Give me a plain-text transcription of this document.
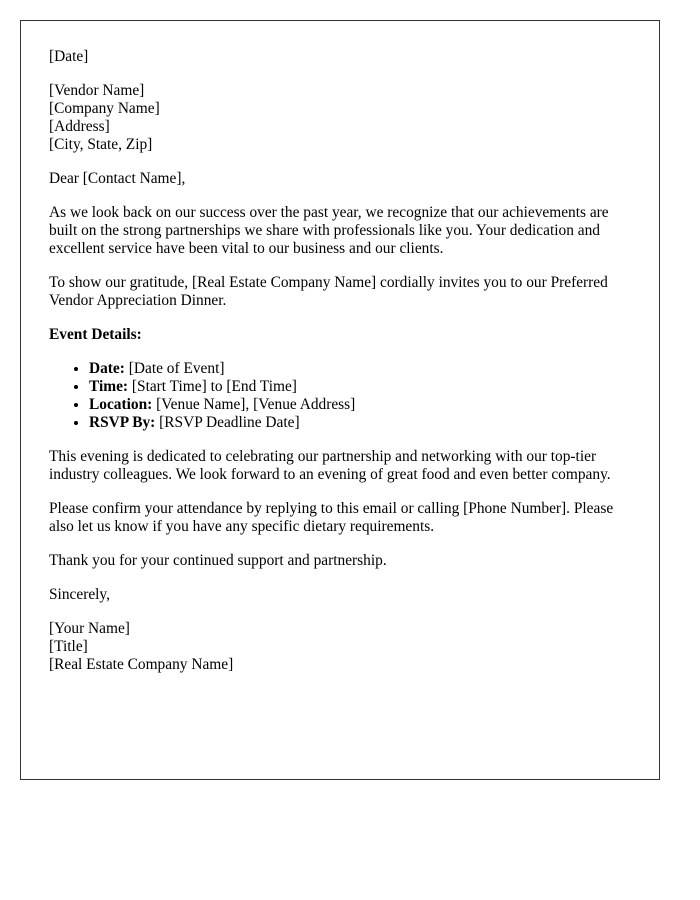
[Date]
[Vendor Name]
[Company Name]
[Address]
[City, State, Zip]

Dear [Contact Name],

As we look back on our success over the past year, we recognize that our achievements are built on the strong partnerships we share with professionals like you. Your dedication and excellent service have been vital to our business and our clients.

To show our gratitude, [Real Estate Company Name] cordially invites you to our Preferred Vendor Appreciation Dinner.

Event Details:

• Date: [Date of Event]
• Time: [Start Time] to [End Time]
• Location: [Venue Name], [Venue Address]
• RSVP By: [RSVP Deadline Date]

This evening is dedicated to celebrating our partnership and networking with our top-tier industry colleagues. We look forward to an evening of great food and even better company.

Please confirm your attendance by replying to this email or calling [Phone Number]. Please also let us know if you have any specific dietary requirements.

Thank you for your continued support and partnership.

Sincerely,

[Your Name]
[Title]
[Real Estate Company Name]
